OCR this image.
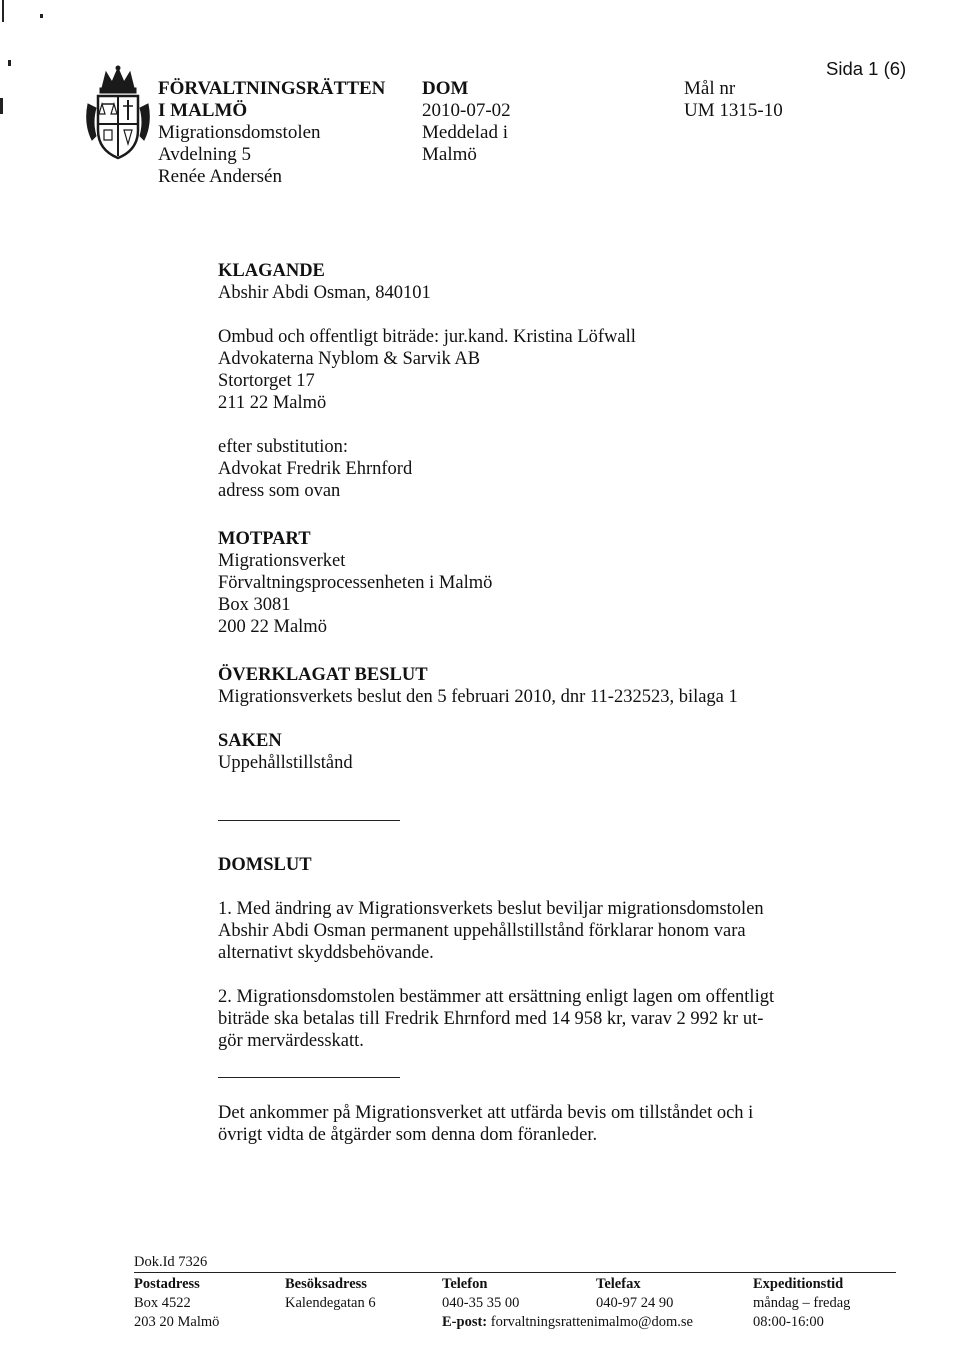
FÖRVALTNINGSRÄTTEN
I MALMÖ
Migrationsdomstolen
Avdelning 5
Renée Andersén
DOM
2010-07-02
Meddelad i
Malmö
Mål nr
UM 1315-10
Sida 1 (6)
KLAGANDE
Abshir Abdi Osman, 840101
Ombud och offentligt biträde: jur.kand. Kristina Löfwall
Advokaterna Nyblom & Sarvik AB
Stortorget 17
211 22 Malmö
efter substitution:
Advokat Fredrik Ehrnford
adress som ovan
MOTPART
Migrationsverket
Förvaltningsprocessenheten i Malmö
Box 3081
200 22 Malmö
ÖVERKLAGAT BESLUT
Migrationsverkets beslut den 5 februari 2010, dnr 11-232523, bilaga 1
SAKEN
Uppehållstillstånd
DOMSLUT
1. Med ändring av Migrationsverkets beslut beviljar migrationsdomstolen
Abshir Abdi Osman permanent uppehållstillstånd förklarar honom vara
alternativt skyddsbehövande.
2. Migrationsdomstolen bestämmer att ersättning enligt lagen om offentligt
biträde ska betalas till Fredrik Ehrnford med 14 958 kr, varav 2 992 kr ut-
gör mervärdesskatt.
Det ankommer på Migrationsverket att utfärda bevis om tillståndet och i
övrigt vidta de åtgärder som denna dom föranleder.
Dok.Id 7326
Postadress
Box 4522
203 20 Malmö
Besöksadress
Kalendegatan 6
Telefon
040-35 35 00
E-post: forvaltningsrattenimalmo@dom.se
Telefax
040-97 24 90
Expeditionstid
måndag – fredag
08:00-16:00
